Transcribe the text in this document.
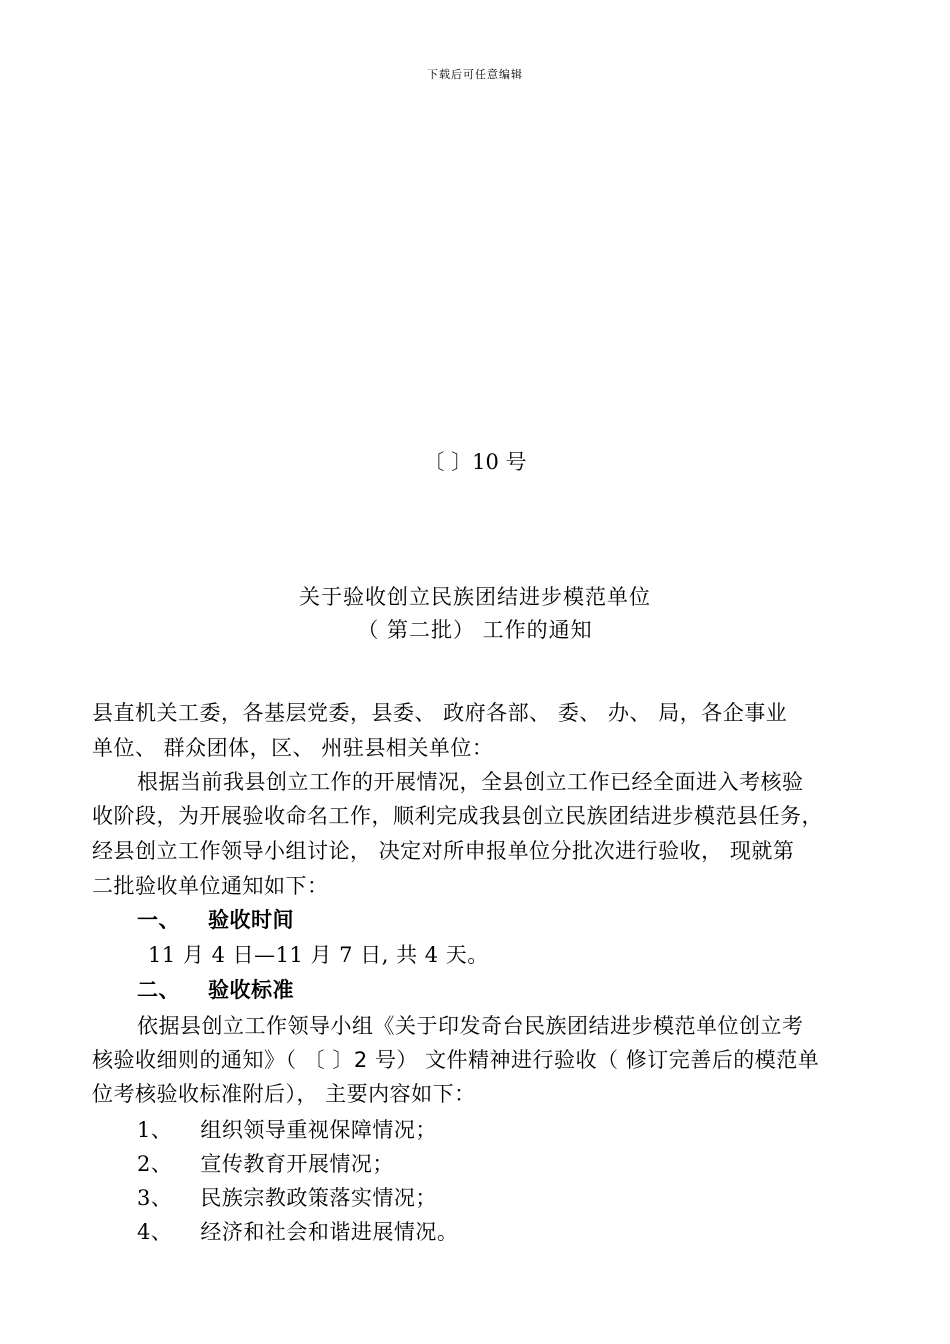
下载后可任意编辑
〔 〕10 号
关于验收创立民族团结进步模范单位
（ 第二批） 工作的通知
县直机关工委，各基层党委，县委、 政府各部、 委、 办、 局，各企事业
单位、 群众团体，区、 州驻县相关单位：
根据当前我县创立工作的开展情况，全县创立工作已经全面进入考核验
收阶段，为开展验收命名工作，顺利完成我县创立民族团结进步模范县任务，
经县创立工作领导小组讨论， 决定对所申报单位分批次进行验收， 现就第
二批验收单位通知如下：
一、 验收时间
11 月 4 日—11 月 7 日, 共 4 天。
二、 验收标准
依据县创立工作领导小组《关于印发奇台民族团结进步模范单位创立考
核验收细则的通知》（ 〔 〕2 号） 文件精神进行验收（ 修订完善后的模范单
位考核验收标准附后）， 主要内容如下：
1、 组织领导重视保障情况；
2、 宣传教育开展情况；
3、 民族宗教政策落实情况；
4、 经济和社会和谐进展情况。
